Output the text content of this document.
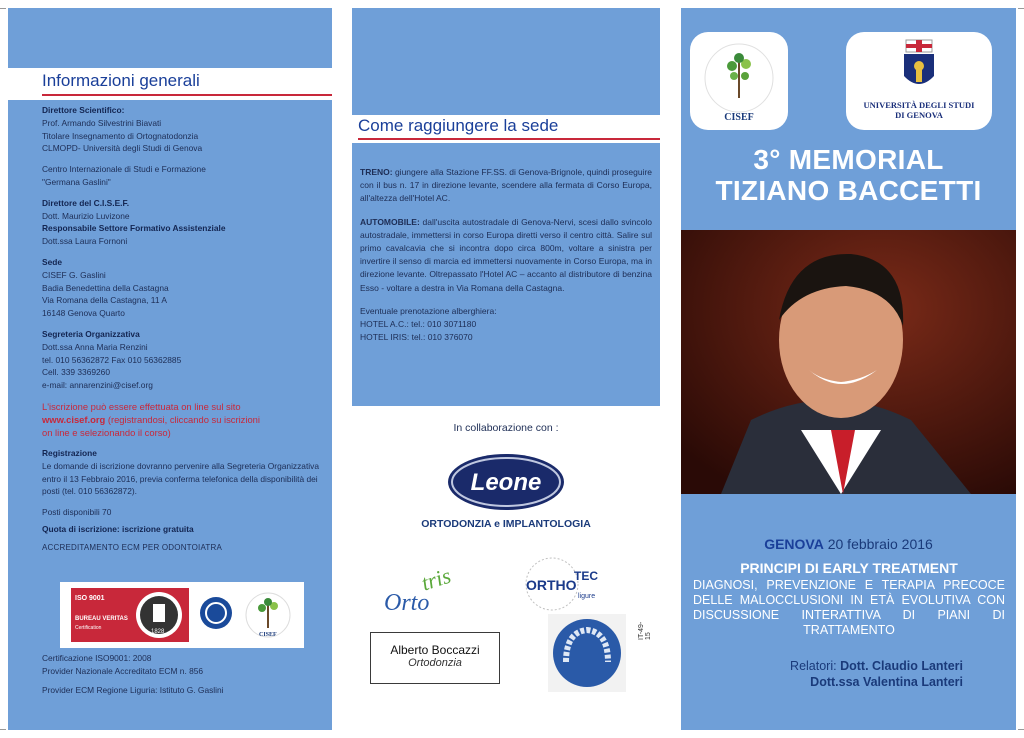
Informazioni generali
Direttore Scientifico:
Prof. Armando Silvestrini Biavati
Titolare Insegnamento di Ortognatodonzia
CLMOPD- Università degli Studi di Genova
Centro Internazionale di Studi e Formazione
"Germana Gaslini"
Direttore del C.I.S.E.F.
Dott. Maurizio Luvizone
Responsabile Settore Formativo Assistenziale
Dott.ssa Laura Fornoni
Sede
CISEF G. Gaslini
Badia Benedettina della Castagna
Via Romana della Castagna, 11 A
16148 Genova Quarto
Segreteria Organizzativa
Dott.ssa Anna Maria Renzini
tel. 010 56362872 Fax 010 56362885
Cell. 339 3369260
e-mail: annarenzini@cisef.org
L'iscrizione può essere effettuata on line sul sito
www.cisef.org (registrandosi, cliccando su iscrizioni
on line e selezionando il corso)
Registrazione
Le domande di iscrizione dovranno pervenire alla Segreteria Organizzativa entro il 13 Febbraio 2016, previa conferma telefonica della disponibilità dei posti (tel. 010 56362872).
Posti disponibili 70
Quota di iscrizione: iscrizione gratuita
ACCREDITAMENTO ECM PER ODONTOIATRA
ISO 9001
BUREAU VERITAS
Certification
1828	CISEF
Certificazione ISO9001: 2008
Provider Nazionale Accreditato ECM n. 856
Provider ECM Regione Liguria: Istituto G. Gaslini
Come raggiungere la sede
TRENO: giungere alla Stazione FF.SS. di Genova-Brignole, quindi proseguire con il bus n. 17 in direzione levante, scendere alla fermata di Corso Europa, all'altezza dell'Hotel AC.
AUTOMOBILE: dall'uscita autostradale di Genova-Nervi, scesi dallo svincolo autostradale, immettersi in corso Europa diretti verso il centro città. Salire sul primo cavalcavia che si incontra dopo circa 800m, voltare a sinistra per invertire il senso di marcia ed immettersi nuovamente in Corso Europa, ma in direzione levante. Oltrepassato l'Hotel AC – accanto al distributore di benzina Esso - voltare a destra in Via Romana della Castagna.
Eventuale prenotazione alberghiera:
HOTEL A.C.: tel.: 010 3071180
HOTEL IRIS: tel.: 010 376070
In collaborazione con :
Leone
ORTODONZIA e IMPLANTOLOGIA
Orto
tris	ORTHO
TEC
ligure
IT-49-15
Alberto Boccazzi
Ortodonzia
CISEF
UNIVERSITÀ DEGLI STUDI
DI GENOVA
3° MEMORIAL
TIZIANO BACCETTI
GENOVA 20 febbraio 2016
PRINCIPI DI EARLY TREATMENT
DIAGNOSI, PREVENZIONE E TERAPIA PRECOCE DELLE MALOCCLUSIONI IN ETÀ EVOLUTIVA CON DISCUSSIONE INTERATTIVA DI PIANI DI TRATTAMENTO
Relatori: Dott. Claudio Lanteri
Dott.ssa Valentina Lanteri
